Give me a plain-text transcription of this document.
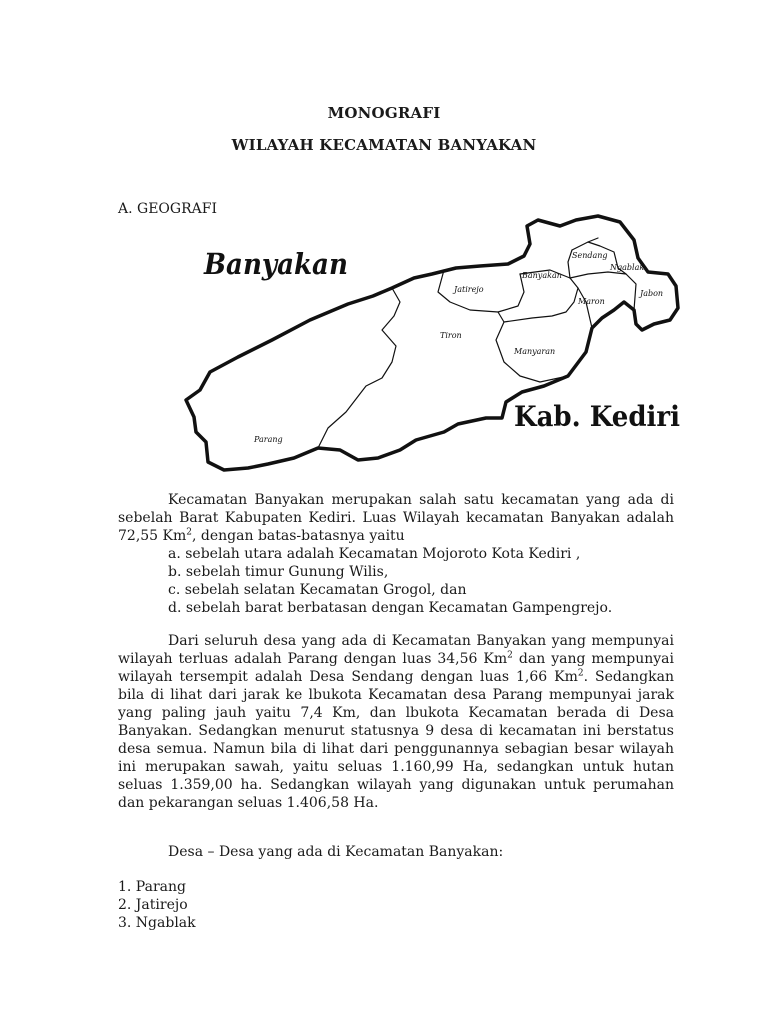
MONOGRAFI
WILAYAH KECAMATAN BANYAKAN
A. GEOGRAFI
Banyakan
Kab. Kediri
Sendang
Ngablak
Banyakan
Jatirejo
Maron
Jabon
Tiron
Manyaran
Parang

Kecamatan Banyakan merupakan salah satu kecamatan yang ada di sebelah Barat Kabupaten Kediri. Luas Wilayah kecamatan Banyakan adalah 72,55 Km$^2$, dengan batas-batasnya yaitu

a. sebelah utara adalah Kecamatan Mojoroto Kota Kediri ,
b. sebelah timur Gunung Wilis,
c. sebelah selatan Kecamatan Grogol, dan
d. sebelah barat berbatasan dengan Kecamatan Gampengrejo.

Dari seluruh desa yang ada di Kecamatan Banyakan yang mempunyai wilayah terluas adalah Parang dengan luas 34,56 Km$^2$ dan yang mempunyai wilayah tersempit adalah Desa Sendang dengan luas 1,66 Km$^2$. Sedangkan bila di lihat dari jarak ke lbukota Kecamatan desa Parang mempunyai jarak yang paling jauh yaitu 7,4 Km, dan lbukota Kecamatan berada di Desa Banyakan. Sedangkan menurut statusnya 9 desa di kecamatan ini berstatus desa semua. Namun bila di lihat dari penggunannya sebagian besar wilayah ini merupakan sawah, yaitu seluas 1.160,99 Ha, sedangkan untuk hutan seluas 1.359,00 ha. Sedangkan wilayah yang digunakan untuk perumahan dan pekarangan seluas 1.406,58 Ha.

Desa – Desa yang ada di Kecamatan Banyakan:

1. Parang
2. Jatirejo
3. Ngablak
